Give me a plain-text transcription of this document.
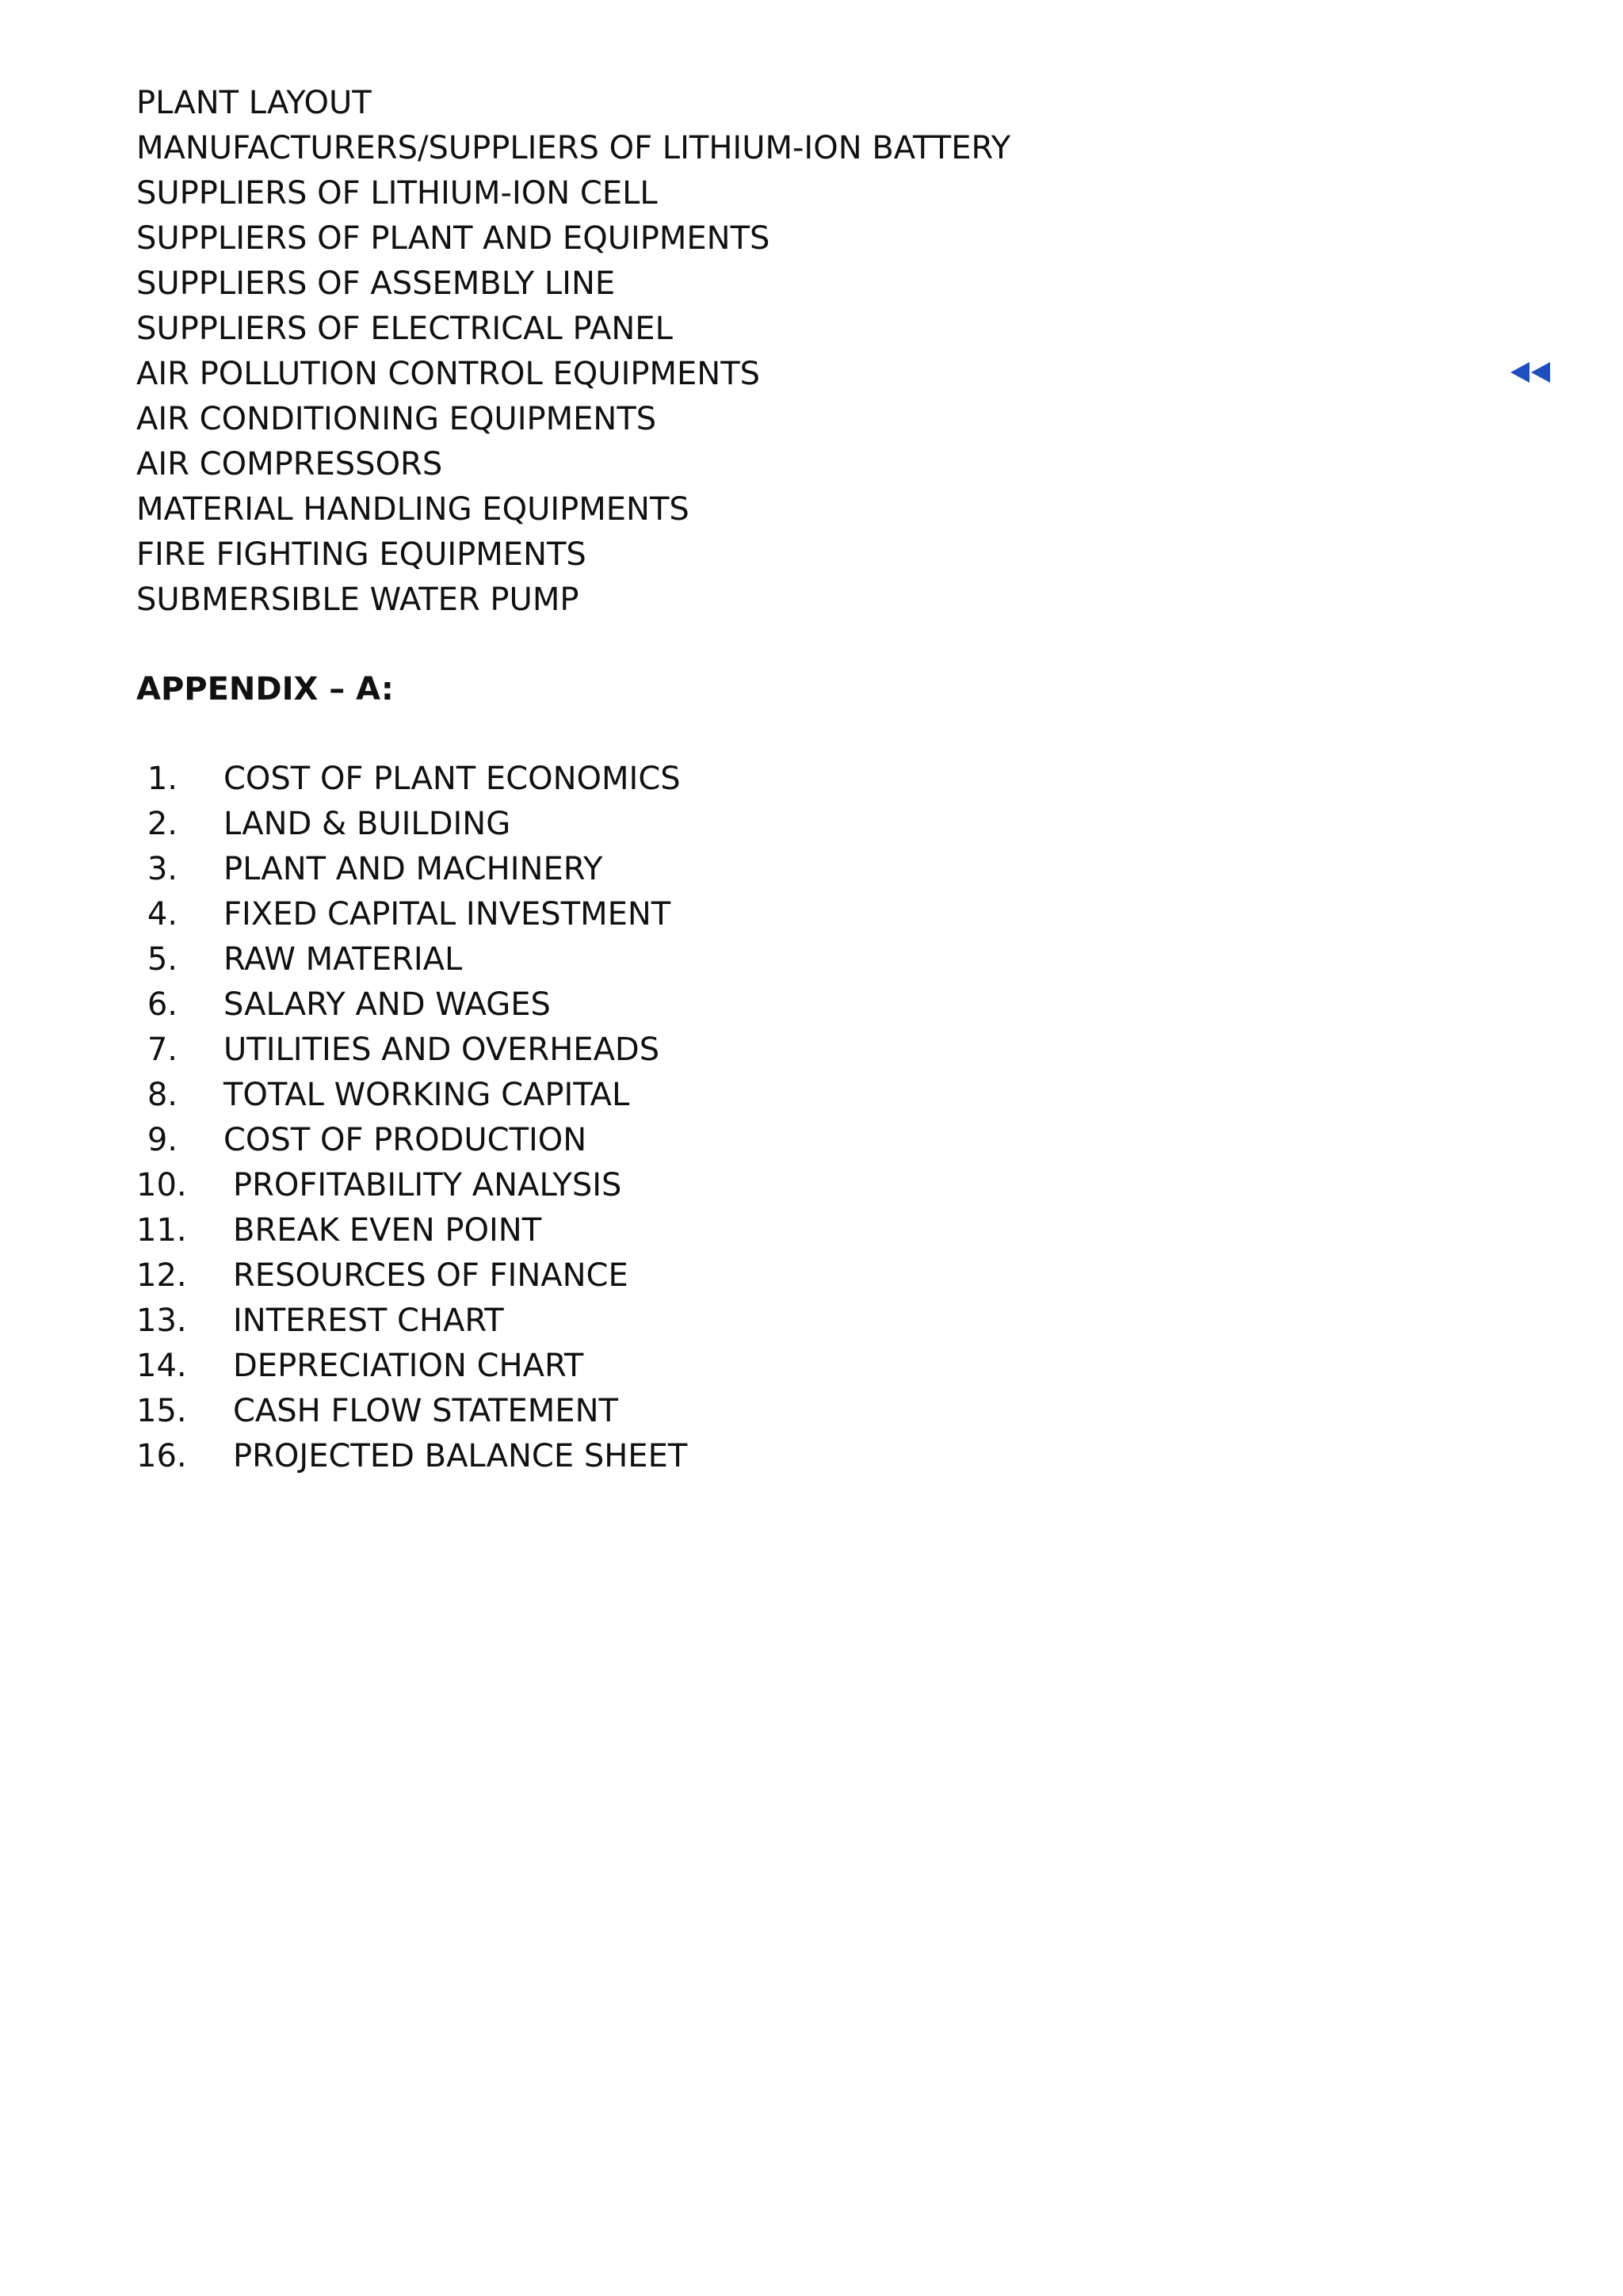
PLANT LAYOUT
MANUFACTURERS/SUPPLIERS OF LITHIUM-ION BATTERY
SUPPLIERS OF LITHIUM-ION CELL
SUPPLIERS OF PLANT AND EQUIPMENTS
SUPPLIERS OF ASSEMBLY LINE
SUPPLIERS OF ELECTRICAL PANEL
AIR POLLUTION CONTROL EQUIPMENTS
AIR CONDITIONING EQUIPMENTS
AIR COMPRESSORS
MATERIAL HANDLING EQUIPMENTS
FIRE FIGHTING EQUIPMENTS
SUBMERSIBLE WATER PUMP
APPENDIX – A:
1. COST OF PLANT ECONOMICS
2. LAND & BUILDING
3. PLANT AND MACHINERY
4. FIXED CAPITAL INVESTMENT
5. RAW MATERIAL
6. SALARY AND WAGES
7. UTILITIES AND OVERHEADS
8. TOTAL WORKING CAPITAL
9. COST OF PRODUCTION
10. PROFITABILITY ANALYSIS
11. BREAK EVEN POINT
12. RESOURCES OF FINANCE
13. INTEREST CHART
14. DEPRECIATION CHART
15. CASH FLOW STATEMENT
16. PROJECTED BALANCE SHEET
